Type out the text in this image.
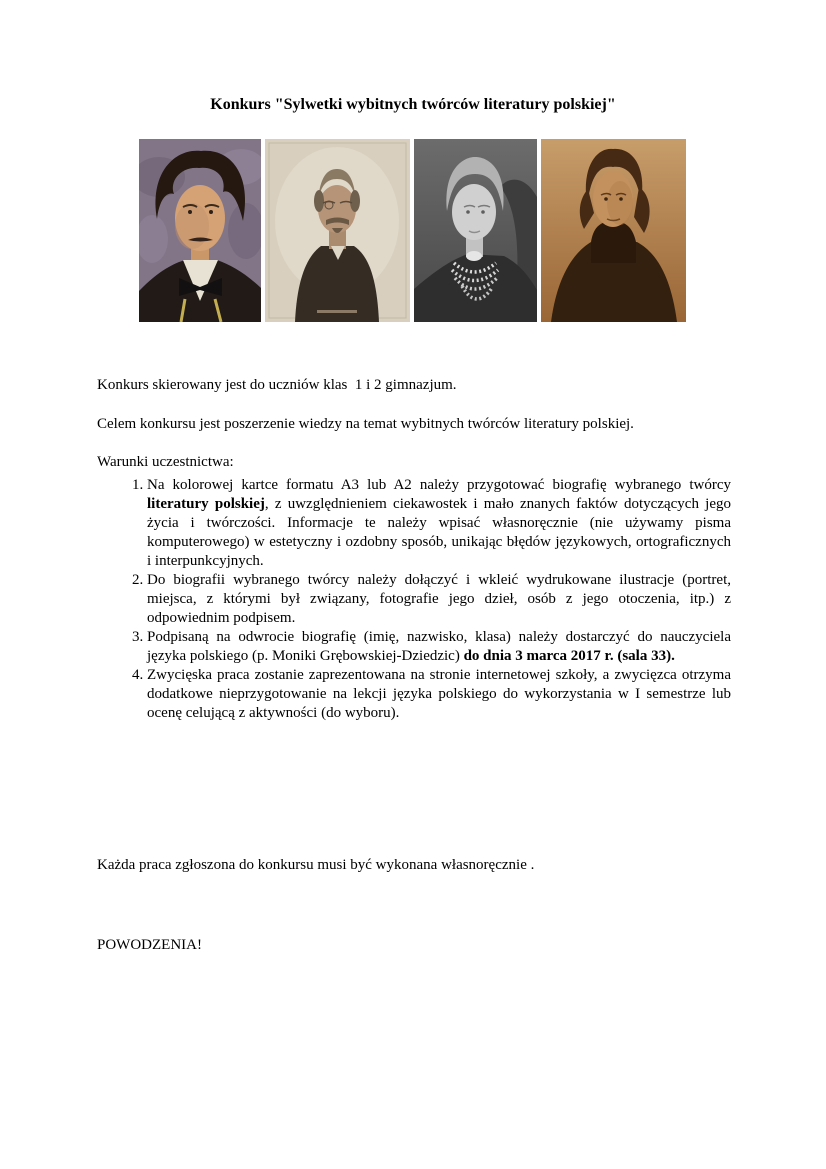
Konkurs "Sylwetki wybitnych twórców literatury polskiej"

Konkurs skierowany jest do uczniów klas  1 i 2 gimnazjum.

Celem konkursu jest poszerzenie wiedzy na temat wybitnych twórców literatury polskiej.

Warunki uczestnictwa:

1. Na kolorowej kartce formatu A3 lub A2 należy przygotować biografię wybranego twórcy literatury polskiej, z uwzględnieniem ciekawostek i mało znanych faktów dotyczących jego życia i twórczości. Informacje te należy wpisać własnoręcznie (nie używamy pisma komputerowego) w estetyczny i ozdobny sposób, unikając błędów językowych, ortograficznych i interpunkcyjnych.
2. Do biografii wybranego twórcy należy dołączyć i wkleić wydrukowane ilustracje (portret, miejsca, z którymi był związany, fotografie jego dzieł, osób z jego otoczenia, itp.) z odpowiednim podpisem.
3. Podpisaną na odwrocie biografię (imię, nazwisko, klasa) należy dostarczyć do nauczyciela języka polskiego (p. Moniki Grębowskiej-Dziedzic) do dnia 3 marca 2017 r. (sala 33).
4. Zwycięska praca zostanie zaprezentowana na stronie internetowej szkoły, a zwycięzca otrzyma dodatkowe nieprzygotowanie na lekcji języka polskiego do wykorzystania w I semestrze lub ocenę celującą z aktywności (do wyboru).

Każda praca zgłoszona do konkursu musi być wykonana własnoręcznie .

POWODZENIA!
